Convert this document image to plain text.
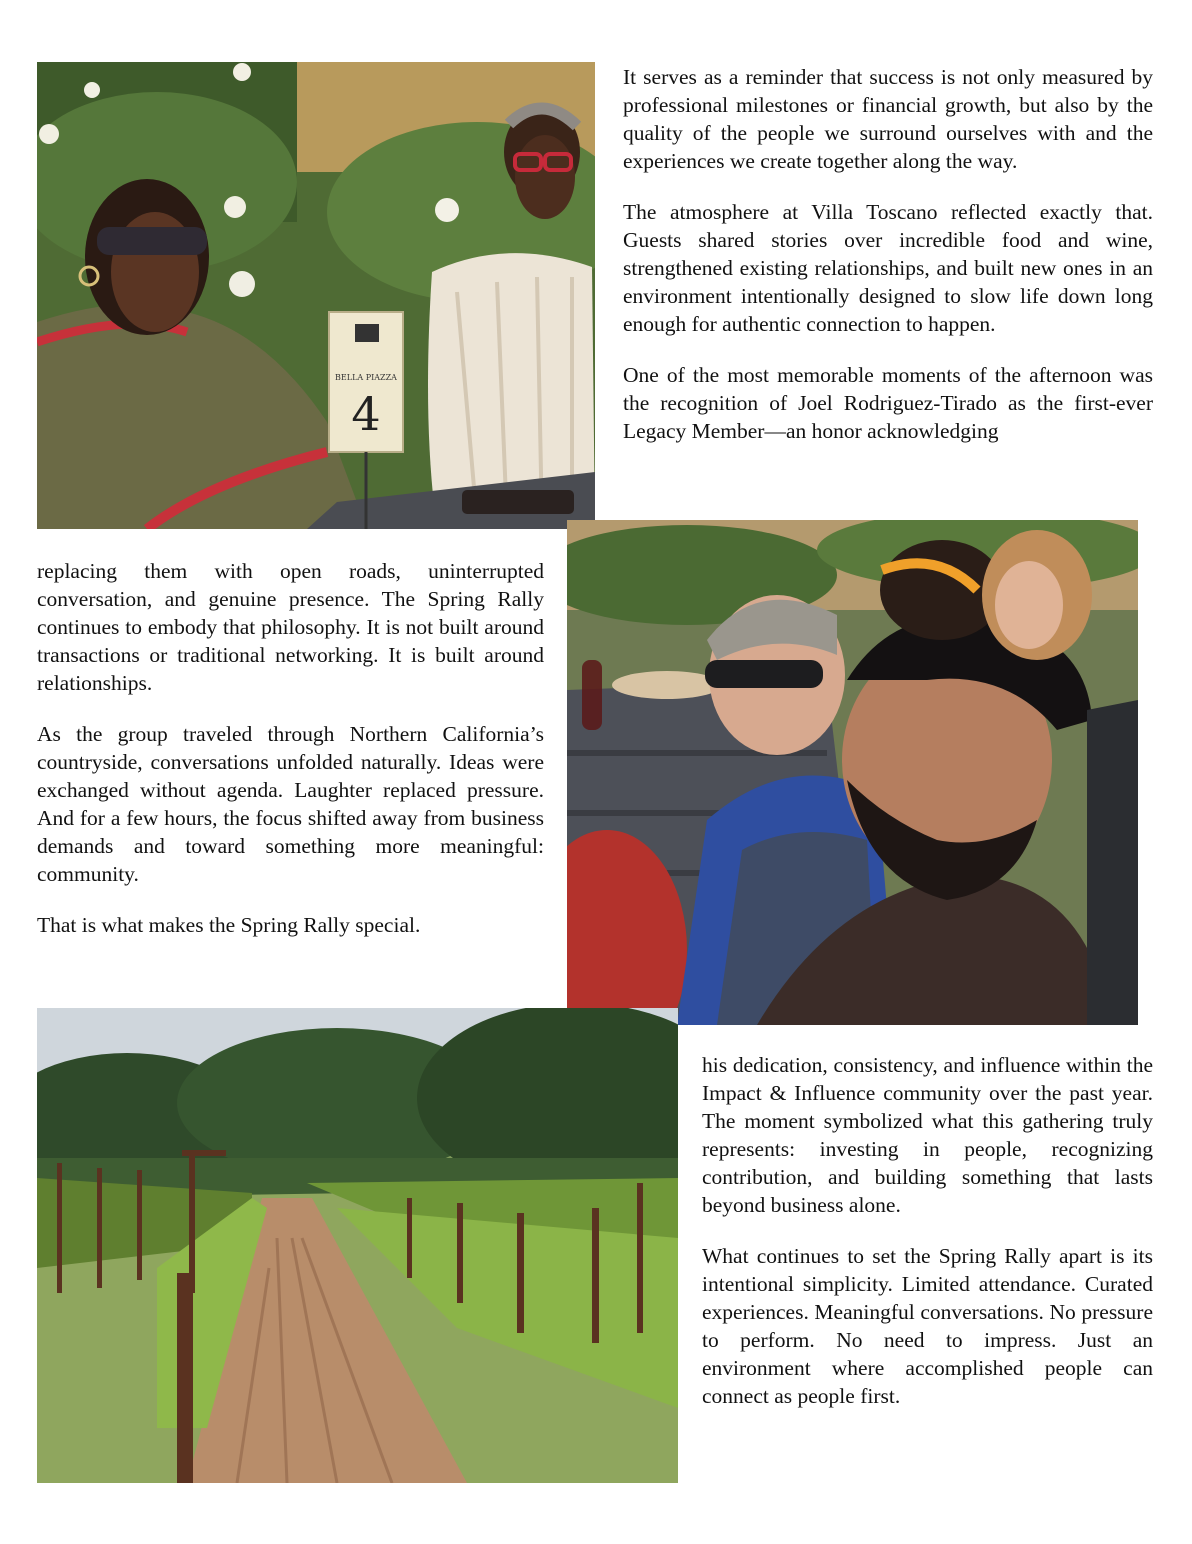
BELLA PIAZZA
4

It serves as a reminder that success is not only measured by professional milestones or financial growth, but also by the quality of the people we surround ourselves with and the experiences we create together along the way.

The atmosphere at Villa Toscano reflected exactly that. Guests shared stories over incredible food and wine, strengthened existing relationships, and built new ones in an environment intentionally designed to slow life down long enough for authentic connection to happen.

One of the most memorable moments of the afternoon was the recognition of Joel Rodriguez-Tirado as the first-ever Legacy Member—an honor acknowledging

replacing them with open roads, uninterrupted conversation, and genuine presence. The Spring Rally continues to embody that philosophy. It is not built around transactions or traditional networking. It is built around relationships.

As the group traveled through Northern California’s countryside, conversations unfolded naturally. Ideas were exchanged without agenda. Laughter replaced pressure. And for a few hours, the focus shifted away from business demands and toward something more meaningful: community.

That is what makes the Spring Rally special.

his dedication, consistency, and influence within the Impact & Influence community over the past year. The moment symbolized what this gathering truly represents: investing in people, recognizing contribution, and building something that lasts beyond business alone.

What continues to set the Spring Rally apart is its intentional simplicity. Limited attendance. Curated experiences. Meaningful conversations. No pressure to perform. No need to impress. Just an environment where accomplished people can connect as people first.
